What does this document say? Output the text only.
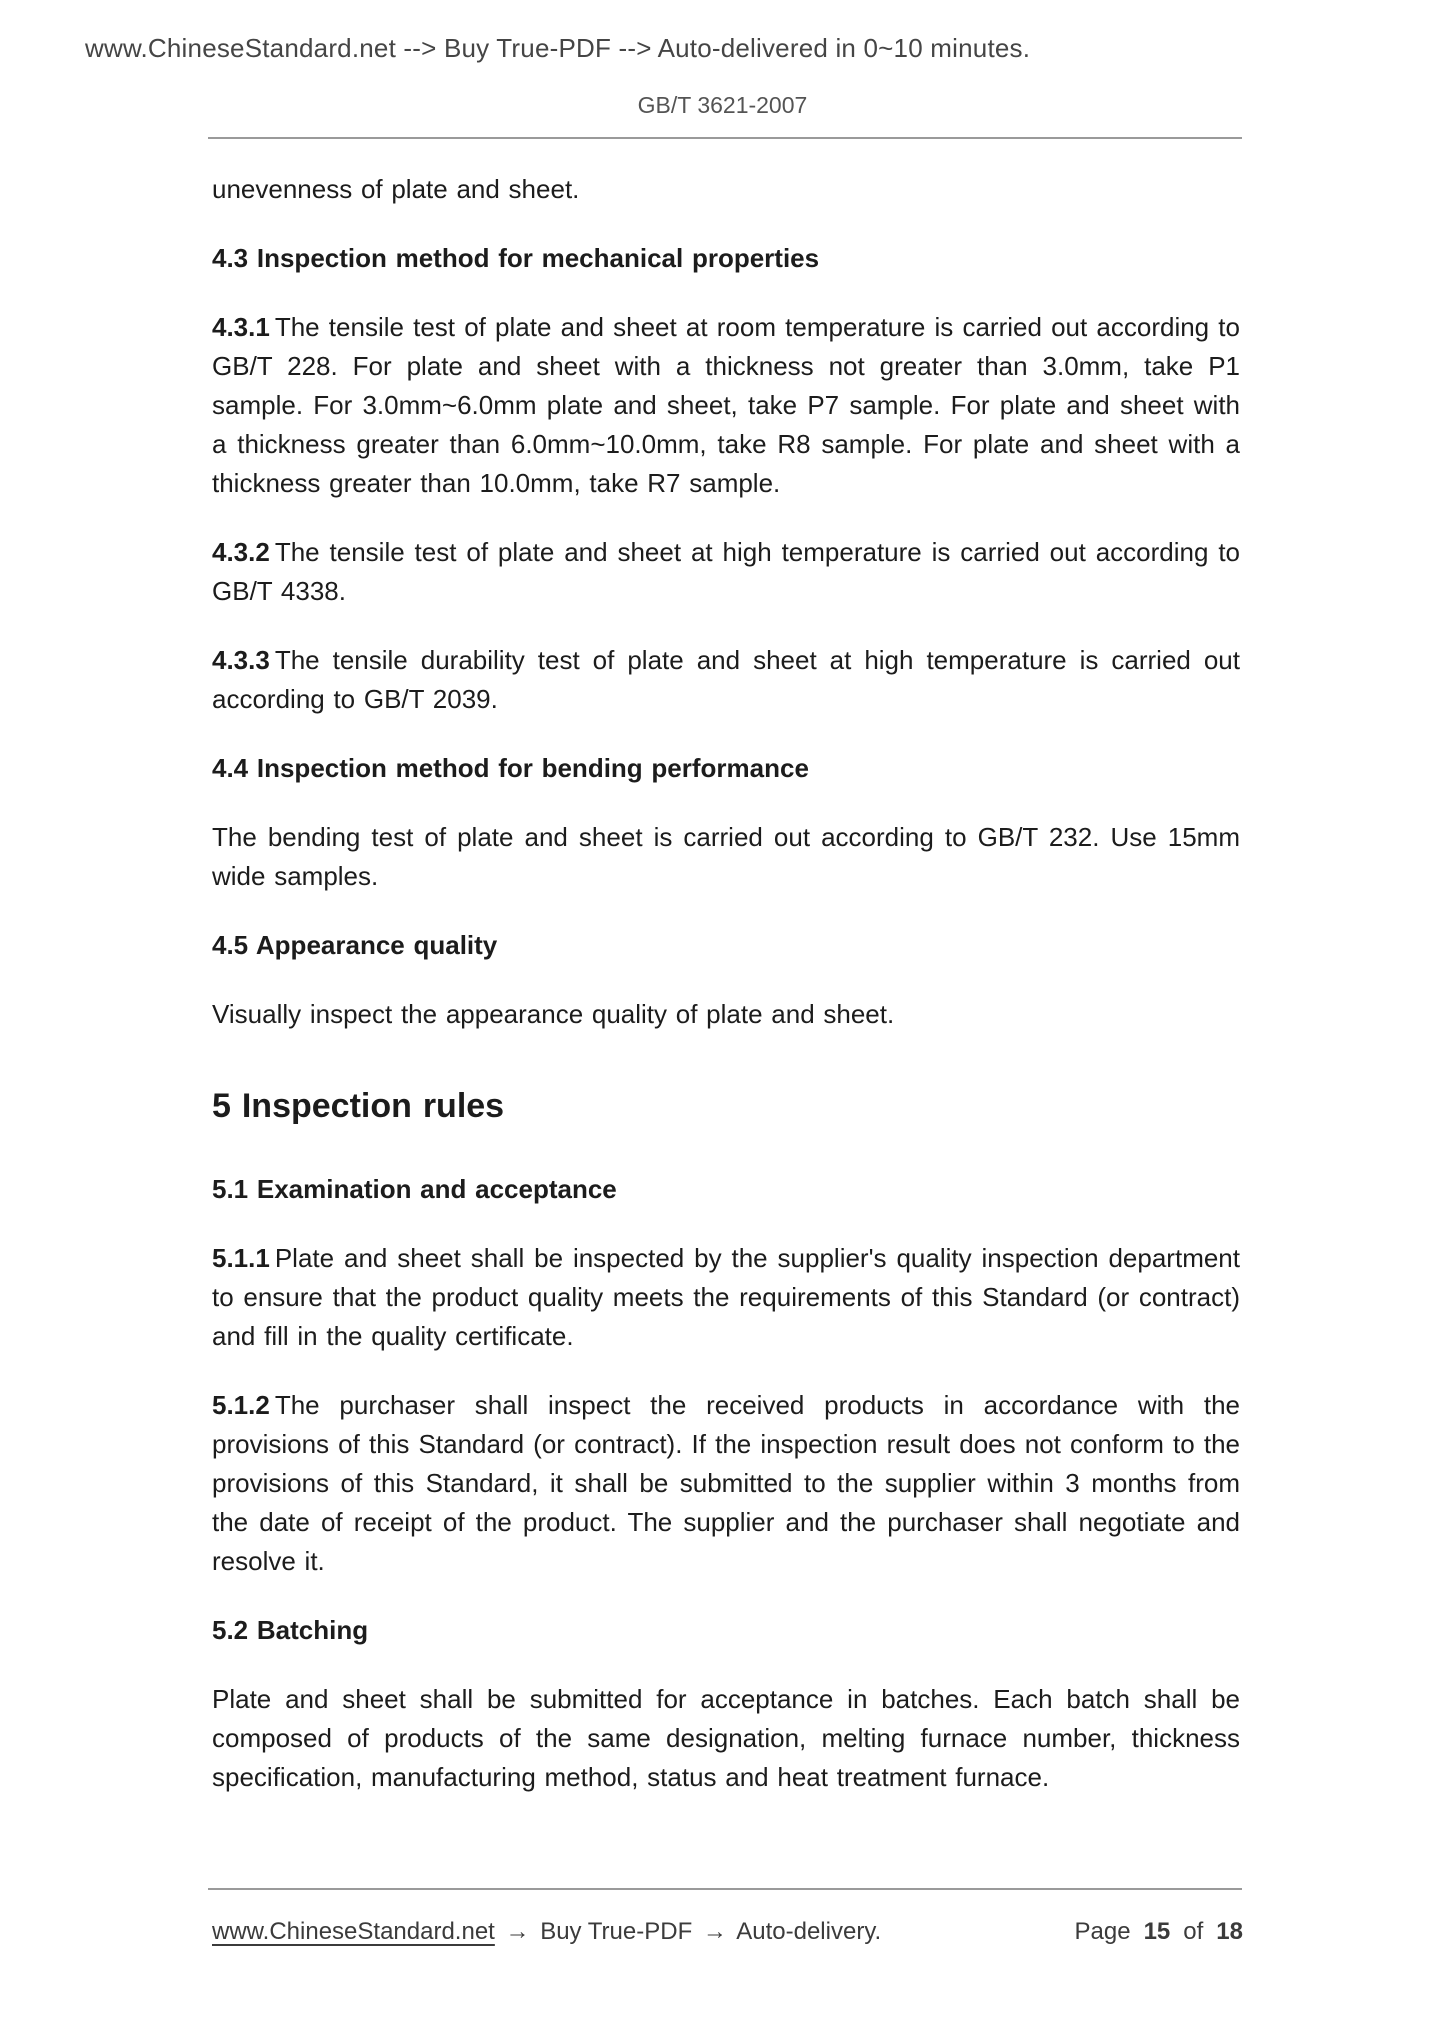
www.ChineseStandard.net --> Buy True-PDF --> Auto-delivered in 0~10 minutes.
GB/T 3621-2007

unevenness of plate and sheet.

4.3 Inspection method for mechanical properties

4.3.1 The tensile test of plate and sheet at room temperature is carried out according to GB/T 228. For plate and sheet with a thickness not greater than 3.0mm, take P1 sample. For 3.0mm~6.0mm plate and sheet, take P7 sample. For plate and sheet with a thickness greater than 6.0mm~10.0mm, take R8 sample. For plate and sheet with a thickness greater than 10.0mm, take R7 sample.

4.3.2 The tensile test of plate and sheet at high temperature is carried out according to GB/T 4338.

4.3.3 The tensile durability test of plate and sheet at high temperature is carried out according to GB/T 2039.

4.4 Inspection method for bending performance

The bending test of plate and sheet is carried out according to GB/T 232. Use 15mm wide samples.

4.5 Appearance quality

Visually inspect the appearance quality of plate and sheet.

5 Inspection rules
5.1 Examination and acceptance

5.1.1 Plate and sheet shall be inspected by the supplier's quality inspection department to ensure that the product quality meets the requirements of this Standard (or contract) and fill in the quality certificate.

5.1.2 The purchaser shall inspect the received products in accordance with the provisions of this Standard (or contract). If the inspection result does not conform to the provisions of this Standard, it shall be submitted to the supplier within 3 months from the date of receipt of the product. The supplier and the purchaser shall negotiate and resolve it.

5.2 Batching

Plate and sheet shall be submitted for acceptance in batches. Each batch shall be composed of products of the same designation, melting furnace number, thickness specification, manufacturing method, status and heat treatment furnace.

www.ChineseStandard.net → Buy True-PDF → Auto-delivery.	Page 15 of 18
